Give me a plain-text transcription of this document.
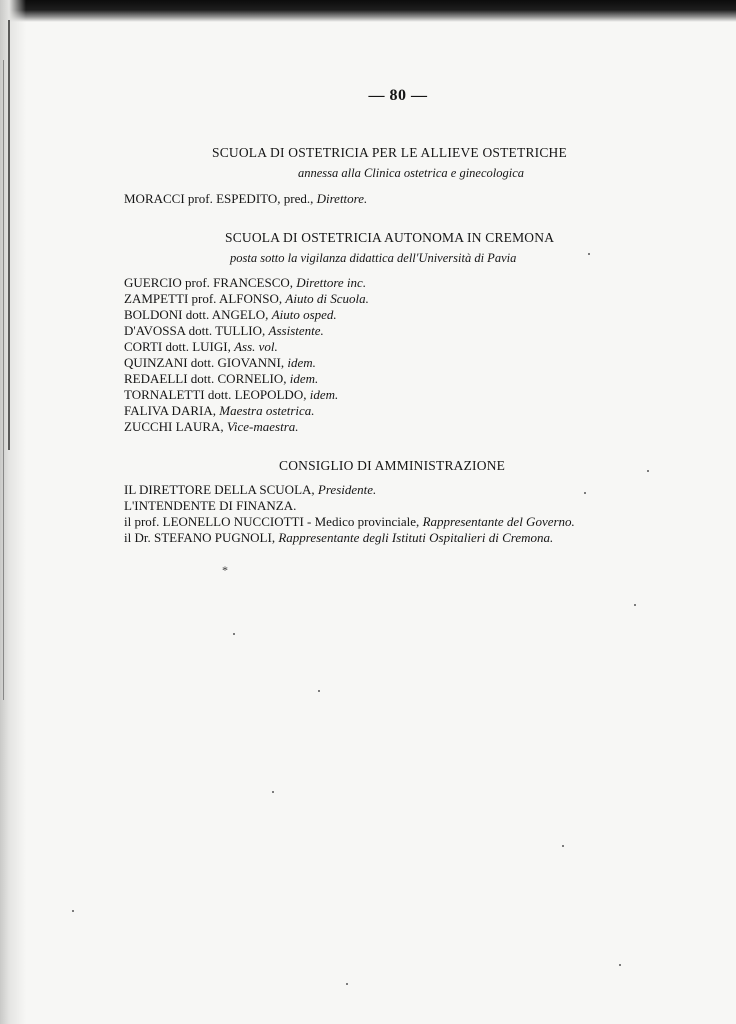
— 80 —
SCUOLA DI OSTETRICIA PER LE ALLIEVE OSTETRICHE
annessa alla Clinica ostetrica e ginecologica
MORACCI prof. ESPEDITO, pred., Direttore.
SCUOLA DI OSTETRICIA AUTONOMA IN CREMONA
posta sotto la vigilanza didattica dell'Università di Pavia
GUERCIO prof. FRANCESCO, Direttore inc.
ZAMPETTI prof. ALFONSO, Aiuto di Scuola.
BOLDONI dott. ANGELO, Aiuto osped.
D'AVOSSA dott. TULLIO, Assistente.
CORTI dott. LUIGI, Ass. vol.
QUINZANI dott. GIOVANNI, idem.
REDAELLI dott. CORNELIO, idem.
TORNALETTI dott. LEOPOLDO, idem.
FALIVA DARIA, Maestra ostetrica.
ZUCCHI LAURA, Vice-maestra.
CONSIGLIO DI AMMINISTRAZIONE
IL DIRETTORE DELLA SCUOLA, Presidente.
L'INTENDENTE DI FINANZA.
il prof. LEONELLO NUCCIOTTI - Medico provinciale, Rappresentante del Governo.
il Dr. STEFANO PUGNOLI, Rappresentante degli Istituti Ospitalieri di Cremona.
*
